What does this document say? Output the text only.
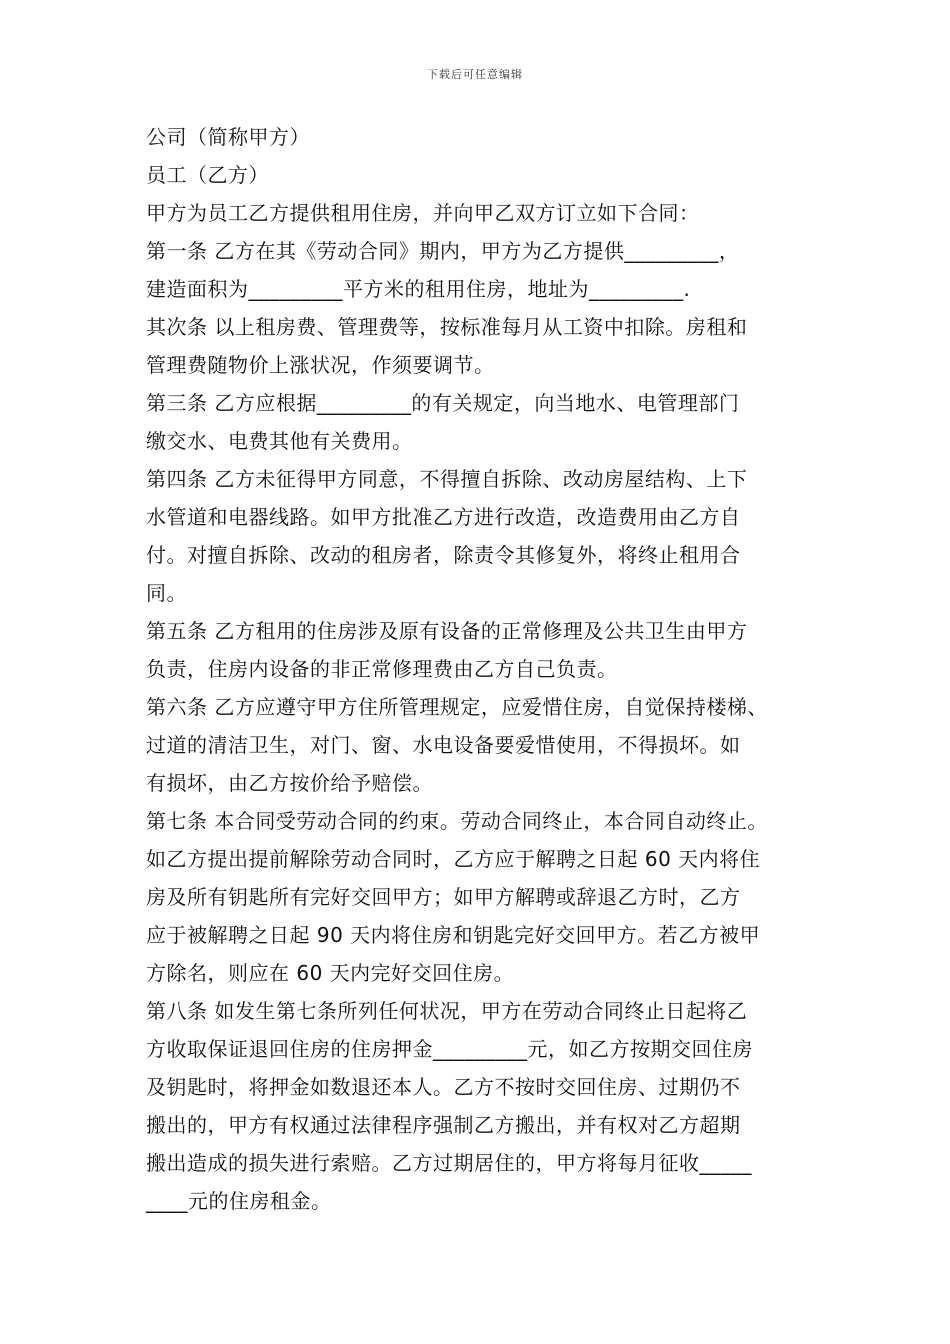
下载后可任意编辑
公司（简称甲方）
员工（乙方）
甲方为员工乙方提供租用住房，并向甲乙双方订立如下合同：
第一条 乙方在其《劳动合同》期内，甲方为乙方提供_________，
建造面积为_________平方米的租用住房，地址为_________.
其次条 以上租房费、管理费等，按标准每月从工资中扣除。房租和
管理费随物价上涨状况，作须要调节。
第三条 乙方应根据_________的有关规定，向当地水、电管理部门
缴交水、电费其他有关费用。
第四条 乙方未征得甲方同意，不得擅自拆除、改动房屋结构、上下
水管道和电器线路。如甲方批准乙方进行改造，改造费用由乙方自
付。对擅自拆除、改动的租房者，除责令其修复外，将终止租用合
同。
第五条 乙方租用的住房涉及原有设备的正常修理及公共卫生由甲方
负责，住房内设备的非正常修理费由乙方自己负责。
第六条 乙方应遵守甲方住所管理规定，应爱惜住房，自觉保持楼梯、
过道的清洁卫生，对门、窗、水电设备要爱惜使用，不得损坏。如
有损坏，由乙方按价给予赔偿。
第七条 本合同受劳动合同的约束。劳动合同终止，本合同自动终止。
如乙方提出提前解除劳动合同时，乙方应于解聘之日起 60 天内将住
房及所有钥匙所有完好交回甲方；如甲方解聘或辞退乙方时，乙方
应于被解聘之日起 90 天内将住房和钥匙完好交回甲方。若乙方被甲
方除名，则应在 60 天内完好交回住房。
第八条 如发生第七条所列任何状况，甲方在劳动合同终止日起将乙
方收取保证退回住房的住房押金_________元，如乙方按期交回住房
及钥匙时，将押金如数退还本人。乙方不按时交回住房、过期仍不
搬出的，甲方有权通过法律程序强制乙方搬出，并有权对乙方超期
搬出造成的损失进行索赔。乙方过期居住的，甲方将每月征收_____
____元的住房租金。
